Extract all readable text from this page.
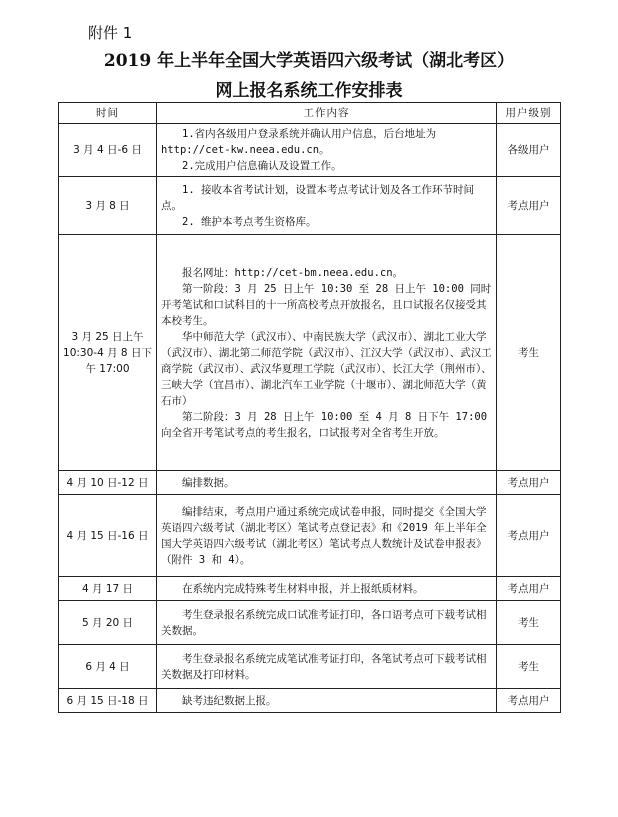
附件 1
2019 年上半年全国大学英语四六级考试（湖北考区）
网上报名系统工作安排表
时间	工作内容	用户级别
3 月 4 日-6 日	1.省内各级用户登录系统并确认用户信息，后台地址为 http://cet-kw.neea.edu.cn。

2.完成用户信息确认及设置工作。	各级用户
3 月 8 日	1. 接收本省考试计划，设置本考点考试计划及各工作环节时间点。

2. 维护本考点考生资格库。	考点用户
3 月 25 日上午 10:30-4 月 8 日下午 17:00	报名网址：http://cet-bm.neea.edu.cn。

第一阶段：3 月 25 日上午 10:30 至 28 日上午 10:00 同时开考笔试和口试科目的十一所高校考点开放报名，且口试报名仅接受其本校考生。

华中师范大学（武汉市）、中南民族大学（武汉市）、湖北工业大学（武汉市）、湖北第二师范学院（武汉市）、江汉大学（武汉市）、武汉工商学院（武汉市）、武汉华夏理工学院（武汉市）、长江大学（荆州市）、三峡大学（宜昌市）、湖北汽车工业学院（十堰市）、湖北师范大学（黄石市）

第二阶段：3 月 28 日上午 10:00 至 4 月 8 日下午 17:00 向全省开考笔试考点的考生报名，口试报考对全省考生开放。	考生
4 月 10 日-12 日	编排数据。	考点用户
4 月 15 日-16 日	编排结束，考点用户通过系统完成试卷申报，同时提交《全国大学英语四六级考试（湖北考区）笔试考点登记表》和《2019 年上半年全国大学英语四六级考试（湖北考区）笔试考点人数统计及试卷申报表》（附件 3 和 4）。	考点用户
4 月 17 日	在系统内完成特殊考生材料申报，并上报纸质材料。	考点用户
5 月 20 日	考生登录报名系统完成口试准考证打印，各口语考点可下载考试相关数据。	考生
6 月 4 日	考生登录报名系统完成笔试准考证打印，各笔试考点可下载考试相关数据及打印材料。	考生
6 月 15 日-18 日	缺考违纪数据上报。	考点用户
